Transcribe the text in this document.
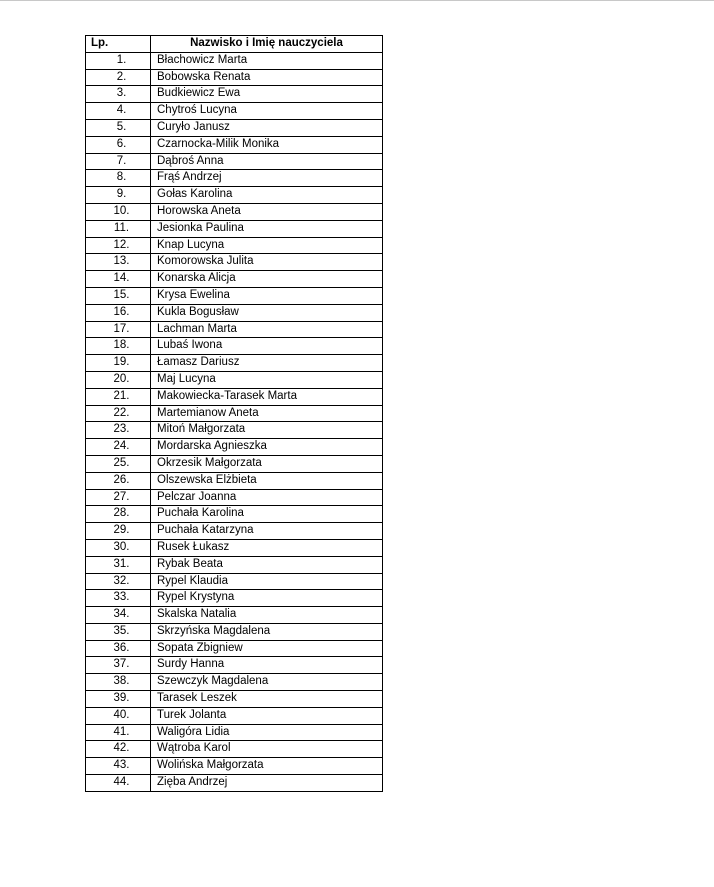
Lp.	Nazwisko i Imię nauczyciela
1.	Błachowicz Marta
2.	Bobowska Renata
3.	Budkiewicz Ewa
4.	Chytroś Lucyna
5.	Curyło Janusz
6.	Czarnocka-Milik Monika
7.	Dąbroś Anna
8.	Frąś Andrzej
9.	Gołas Karolina
10.	Horowska Aneta
11.	Jesionka Paulina
12.	Knap Lucyna
13.	Komorowska Julita
14.	Konarska Alicja
15.	Krysa Ewelina
16.	Kukla Bogusław
17.	Lachman Marta
18.	Lubaś Iwona
19.	Łamasz Dariusz
20.	Maj Lucyna
21.	Makowiecka-Tarasek Marta
22.	Martemianow Aneta
23.	Mitoń Małgorzata
24.	Mordarska Agnieszka
25.	Okrzesik Małgorzata
26.	Olszewska Elżbieta
27.	Pelczar Joanna
28.	Puchała Karolina
29.	Puchała Katarzyna
30.	Rusek Łukasz
31.	Rybak Beata
32.	Rypel Klaudia
33.	Rypel Krystyna
34.	Skalska Natalia
35.	Skrzyńska Magdalena
36.	Sopata Zbigniew
37.	Surdy Hanna
38.	Szewczyk Magdalena
39.	Tarasek Leszek
40.	Turek Jolanta
41.	Waligóra Lidia
42.	Wątroba Karol
43.	Wolińska Małgorzata
44.	Zięba Andrzej
